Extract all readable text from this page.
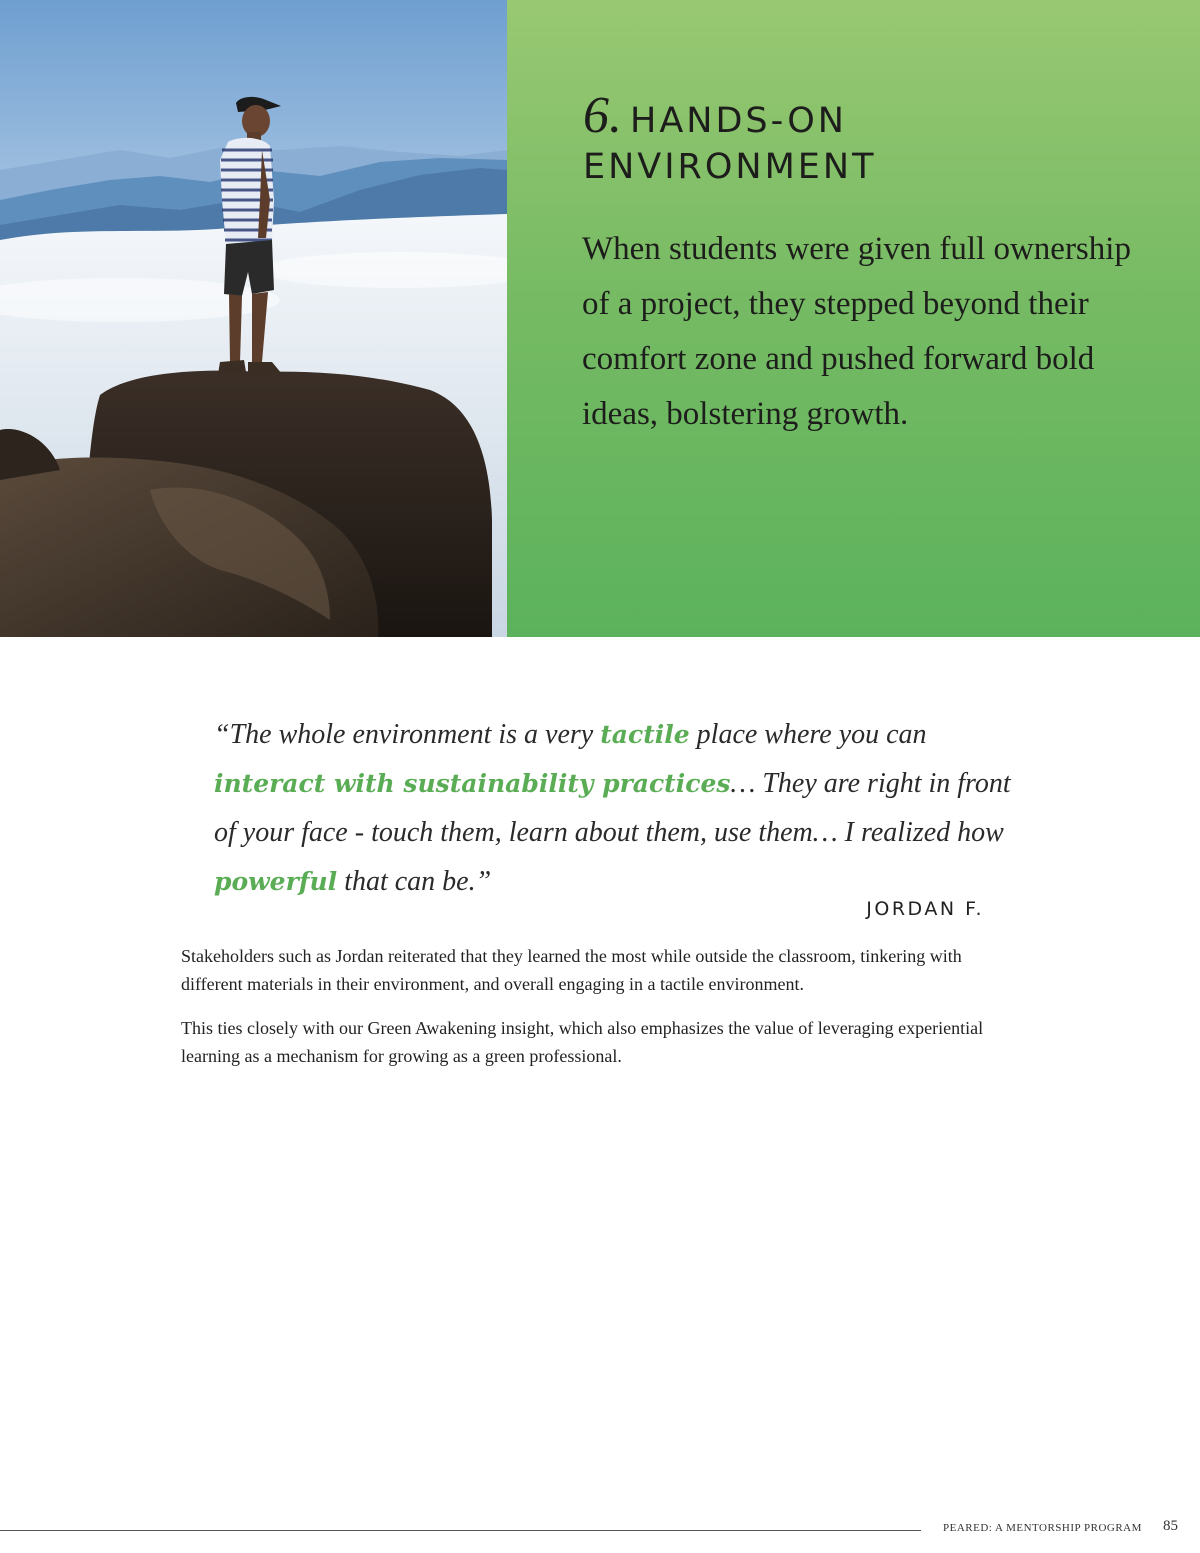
6. HANDS-ON
ENVIRONMENT

When students were given full ownership of a project, they stepped beyond their comfort zone and pushed forward bold ideas, bolstering growth.

“The whole environment is a very tactile place where you can interact with sustainability practices… They are right in front of your face - touch them, learn about them, use them… I realized how powerful that can be.”

JORDAN F.

Stakeholders such as Jordan reiterated that they learned the most while outside the classroom, tinkering with different materials in their environment, and overall engaging in a tactile environment.

This ties closely with our Green Awakening insight, which also emphasizes the value of leveraging experiential learning as a mechanism for growing as a green professional.

PEARED: A MENTORSHIP PROGRAM 85
